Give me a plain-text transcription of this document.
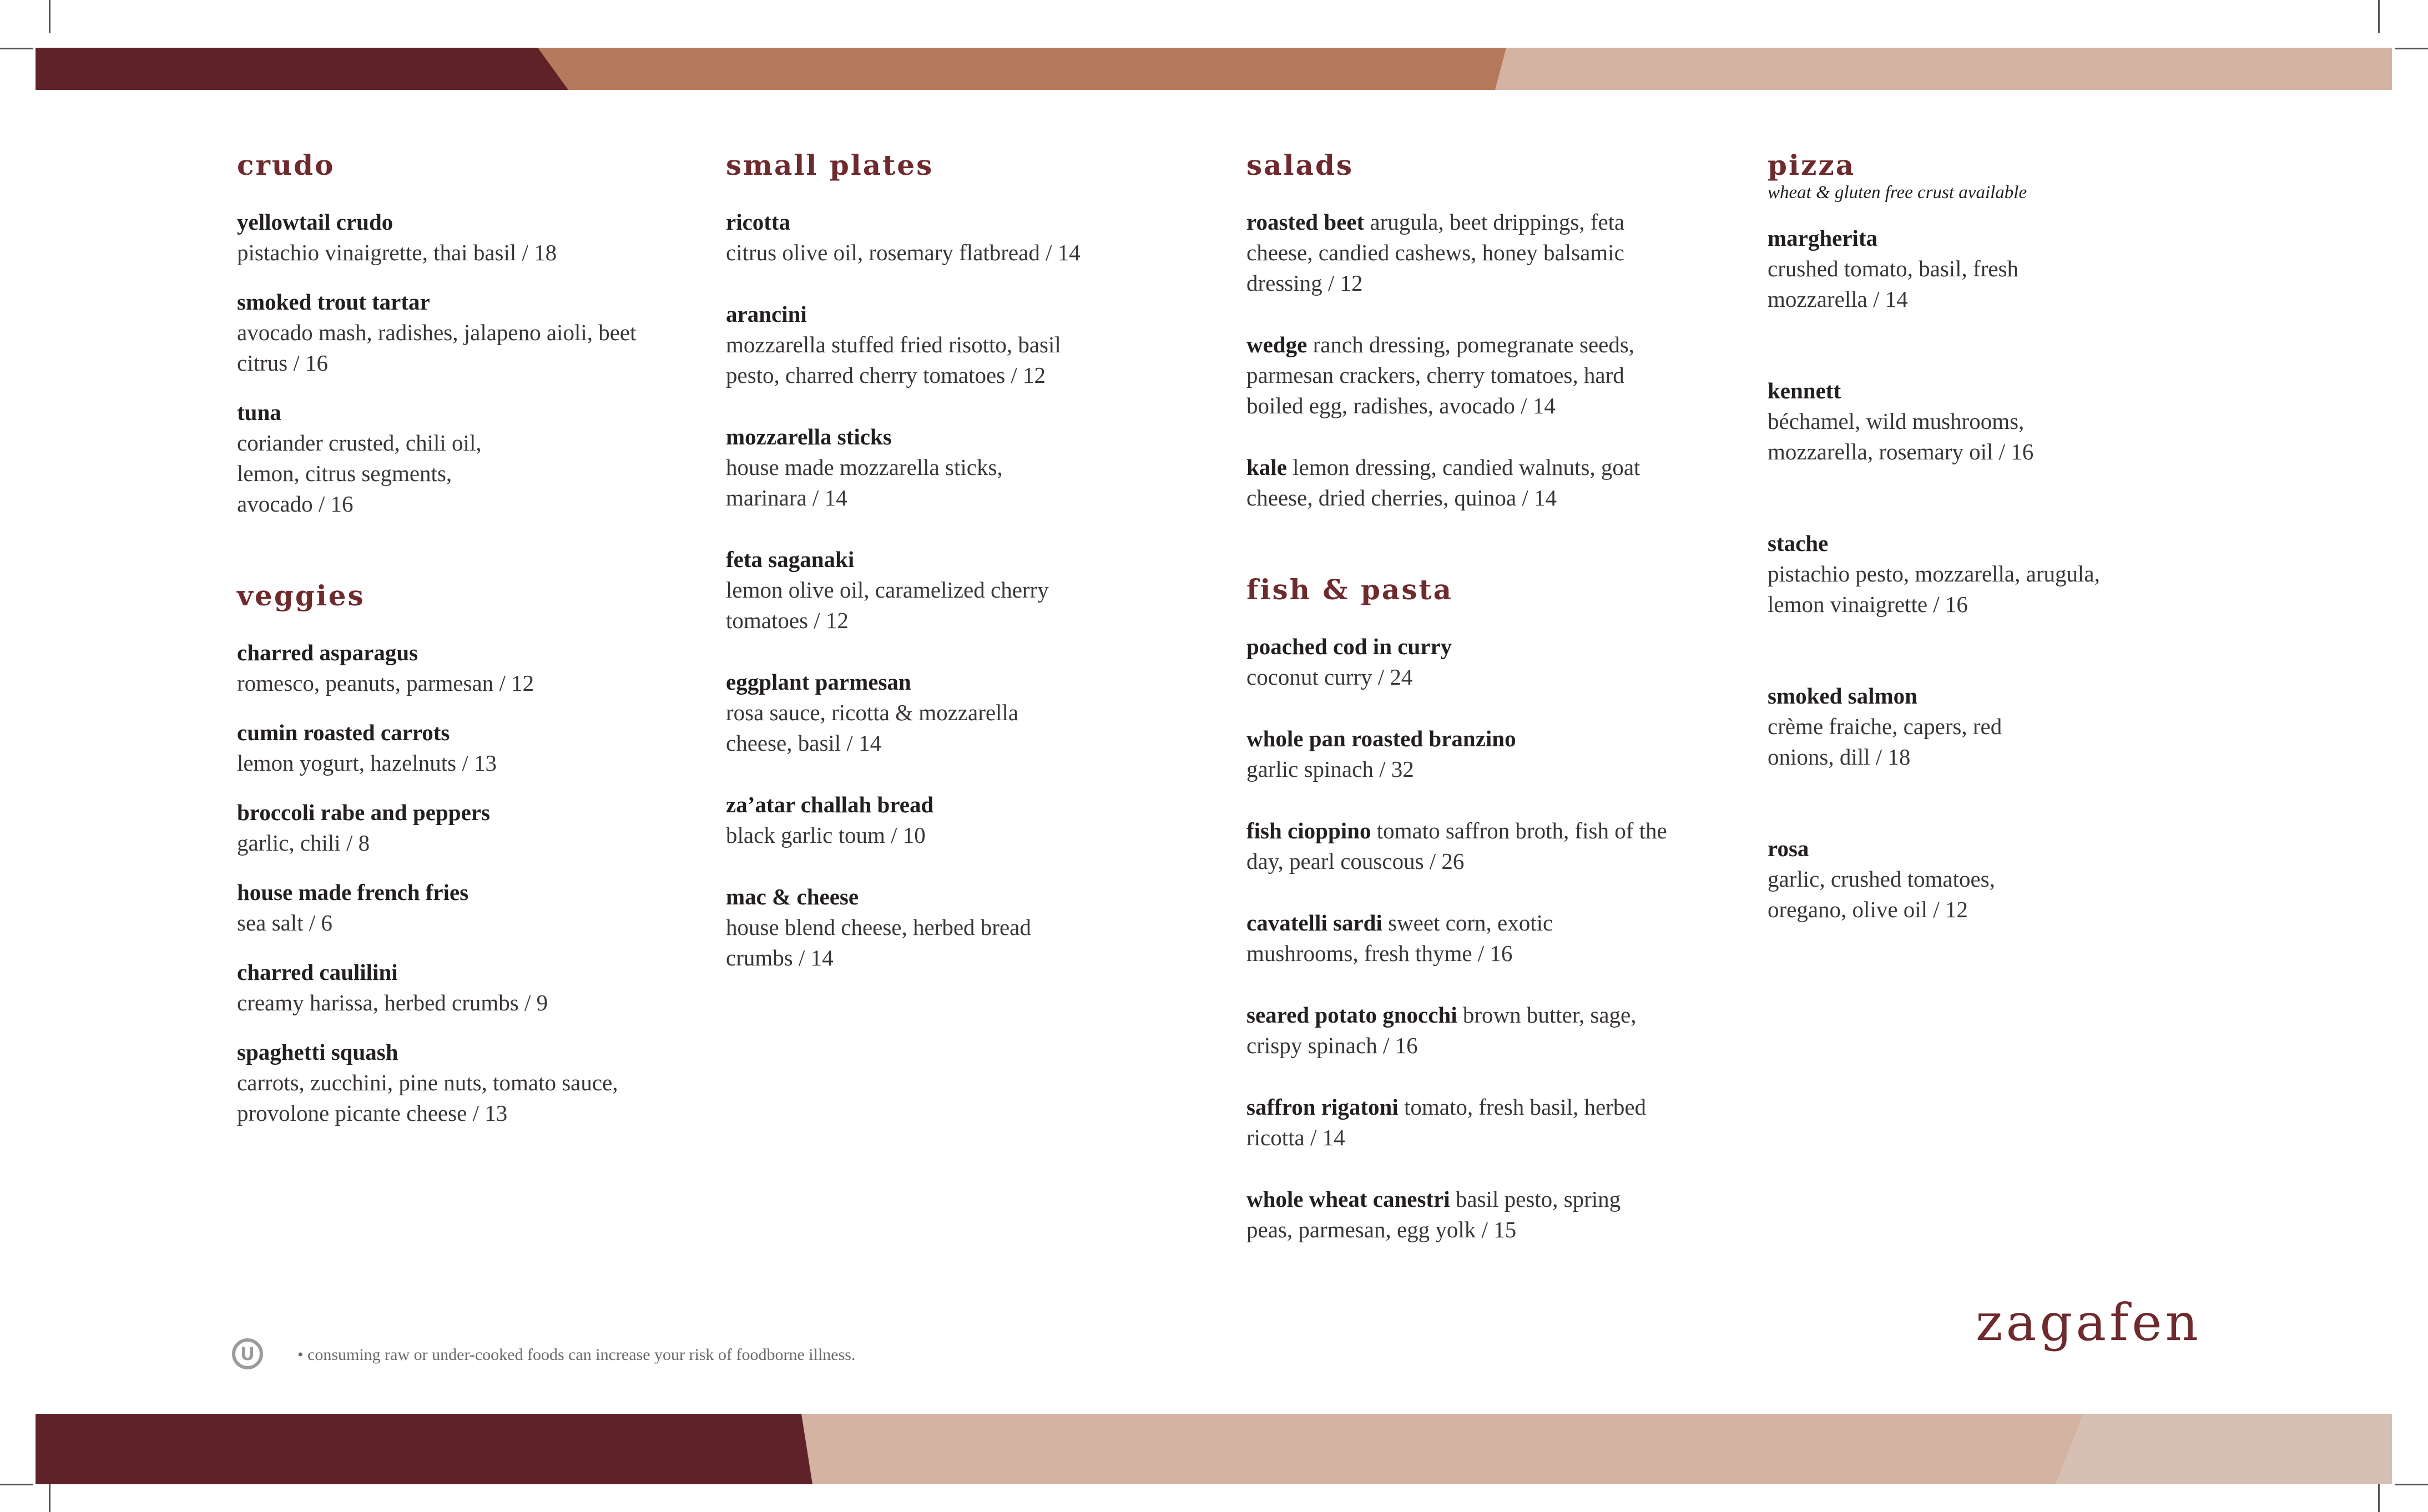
crudo
yellowtail crudo
pistachio vinaigrette, thai basil / 18
smoked trout tartar
avocado mash, radishes, jalapeno aioli, beet citrus / 16
tuna
coriander crusted, chili oil, lemon, citrus segments, avocado / 16
veggies
charred asparagus
romesco, peanuts, parmesan / 12
cumin roasted carrots
lemon yogurt, hazelnuts / 13
broccoli rabe and peppers
garlic, chili / 8
house made french fries
sea salt / 6
charred caulilini
creamy harissa, herbed crumbs / 9
spaghetti squash
carrots, zucchini, pine nuts, tomato sauce, provolone picante cheese / 13
small plates
ricotta
citrus olive oil, rosemary flatbread / 14
arancini
mozzarella stuffed fried risotto, basil pesto, charred cherry tomatoes / 12
mozzarella sticks
house made mozzarella sticks, marinara / 14
feta saganaki
lemon olive oil, caramelized cherry tomatoes / 12
eggplant parmesan
rosa sauce, ricotta & mozzarella cheese, basil / 14
za’atar challah bread
black garlic toum / 10
mac & cheese
house blend cheese, herbed bread crumbs / 14
salads
roasted beet arugula, beet drippings, feta cheese, candied cashews, honey balsamic dressing / 12
wedge ranch dressing, pomegranate seeds, parmesan crackers, cherry tomatoes, hard boiled egg, radishes, avocado / 14
kale lemon dressing, candied walnuts, goat cheese, dried cherries, quinoa / 14
fish & pasta
poached cod in curry
coconut curry / 24
whole pan roasted branzino
garlic spinach / 32
fish cioppino tomato saffron broth, fish of the day, pearl couscous / 26
cavatelli sardi sweet corn, exotic mushrooms, fresh thyme / 16
seared potato gnocchi brown butter, sage, crispy spinach / 16
saffron rigatoni tomato, fresh basil, herbed ricotta / 14
whole wheat canestri basil pesto, spring peas, parmesan, egg yolk / 15
pizza
wheat & gluten free crust available
margherita
crushed tomato, basil, fresh mozzarella / 14
kennett
béchamel, wild mushrooms, mozzarella, rosemary oil / 16
stache
pistachio pesto, mozzarella, arugula, lemon vinaigrette / 16
smoked salmon
crème fraiche, capers, red onions, dill / 18
rosa
garlic, crushed tomatoes, oregano, olive oil / 12
U	• consuming raw or under-cooked foods can increase your risk of foodborne illness.
zagafen
